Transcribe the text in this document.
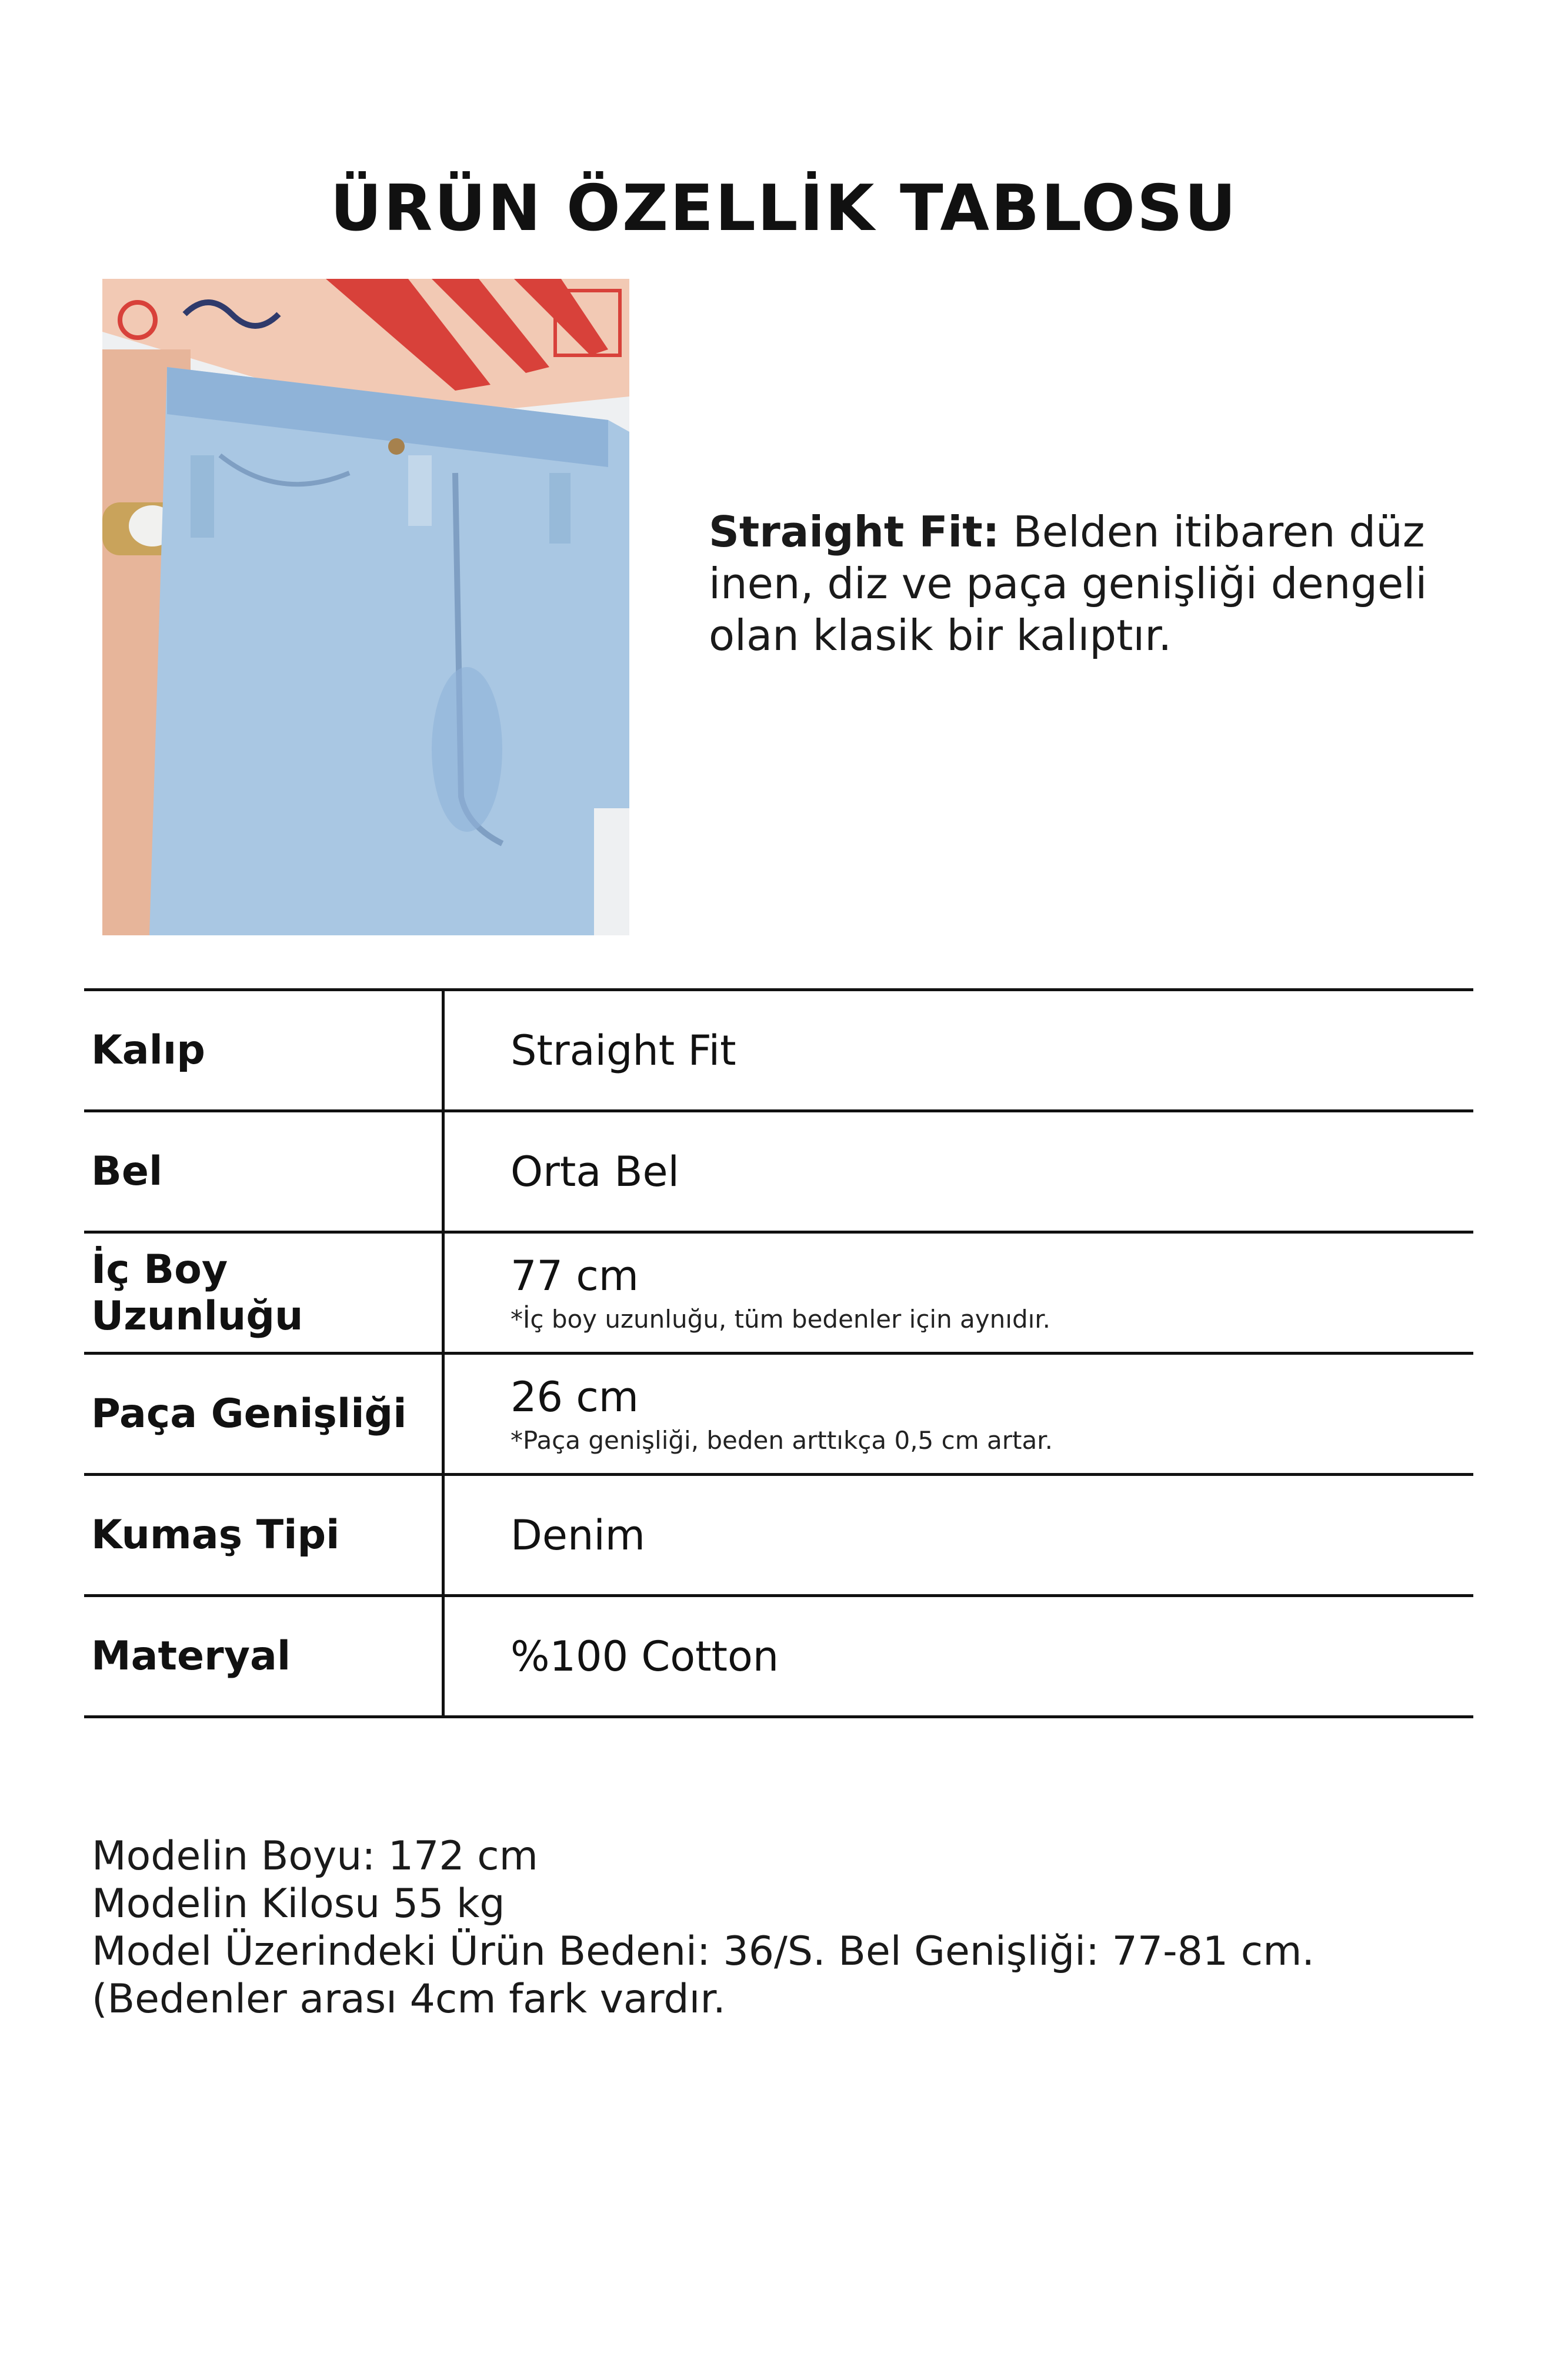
ÜRÜN ÖZELLİK TABLOSU
Straight Fit: Belden itibaren düz inen, diz ve paça genişliği dengeli olan klasik bir kalıptır.
Kalıp	Straight Fit
Bel	Orta Bel
İç Boy Uzunluğu	77 cm
*İç boy uzunluğu, tüm bedenler için aynıdır.

Paça Genişliği	26 cm
*Paça genişliği, beden arttıkça 0,5 cm artar.

Kumaş Tipi	Denim
Materyal	%100 Cotton
Modelin Boyu: 172 cm
Modelin Kilosu 55 kg
Model Üzerindeki Ürün Bedeni: 36/S. Bel Genişliği: 77-81 cm. (Bedenler arası 4cm fark vardır.
